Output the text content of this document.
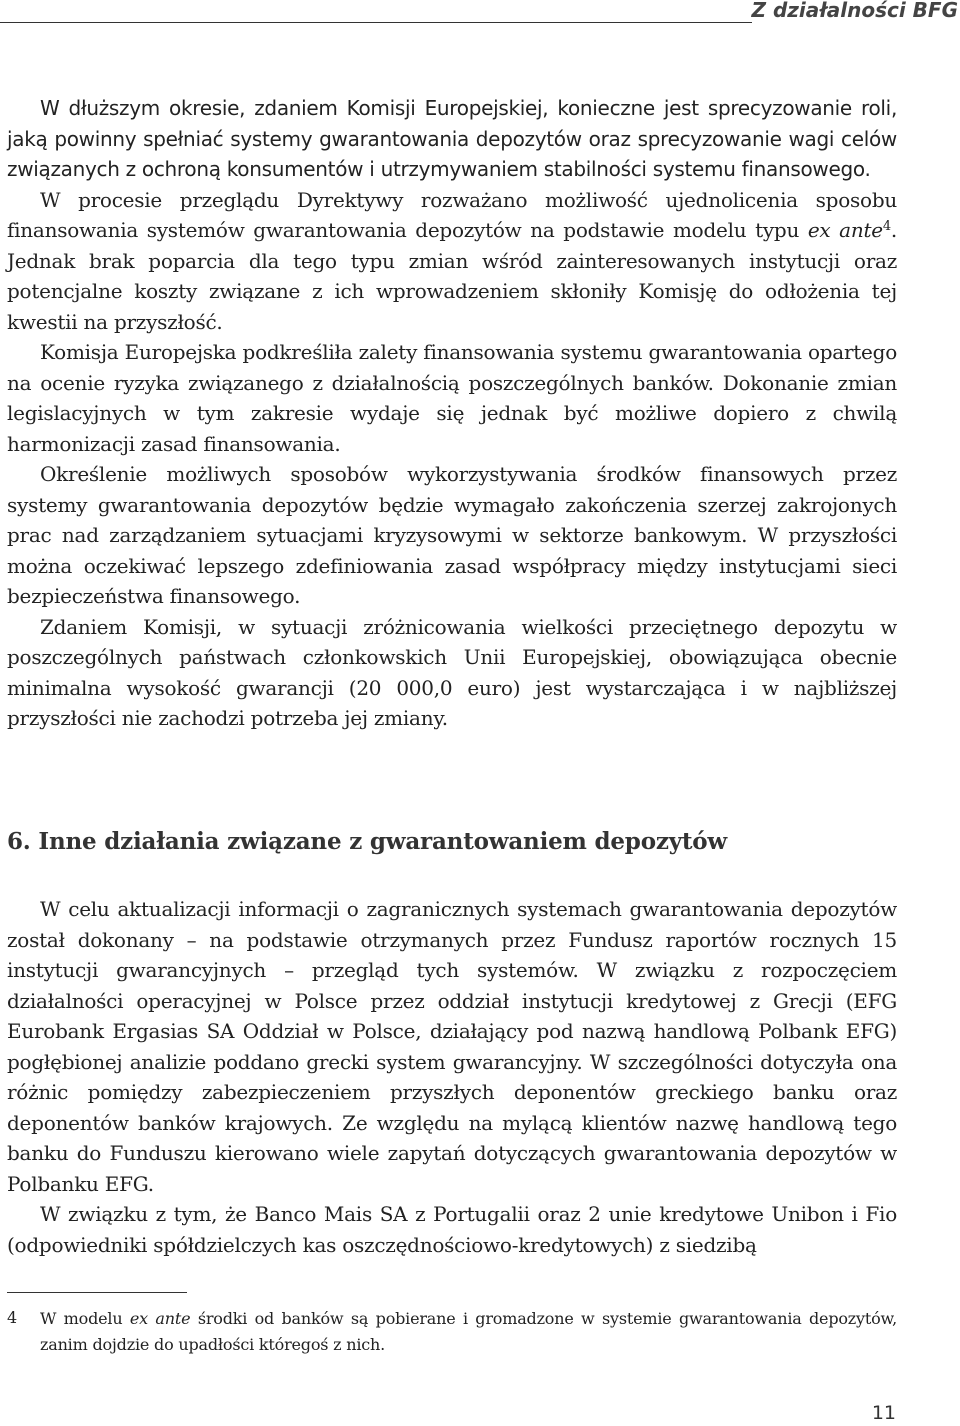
Z działalności BFG

W dłuższym okresie, zdaniem Komisji Europejskiej, konieczne jest sprecyzowanie roli, jaką powinny spełniać systemy gwarantowania depozytów oraz sprecyzowanie wagi celów związanych z ochroną konsumentów i utrzymywaniem stabilności systemu finansowego.

W procesie przeglądu Dyrektywy rozważano możliwość ujednolicenia sposobu finansowania systemów gwarantowania depozytów na podstawie modelu typu ex ante$^4$. Jednak brak poparcia dla tego typu zmian wśród zainteresowanych instytucji oraz potencjalne koszty związane z ich wprowadzeniem skłoniły Komisję do odłożenia tej kwestii na przyszłość.

Komisja Europejska podkreśliła zalety finansowania systemu gwarantowania opartego na ocenie ryzyka związanego z działalnością poszczególnych banków. Dokonanie zmian legislacyjnych w tym zakresie wydaje się jednak być możliwe dopiero z chwilą harmonizacji zasad finansowania.

Określenie możliwych sposobów wykorzystywania środków finansowych przez systemy gwarantowania depozytów będzie wymagało zakończenia szerzej zakrojonych prac nad zarządzaniem sytuacjami kryzysowymi w sektorze bankowym. W przyszłości można oczekiwać lepszego zdefiniowania zasad współpracy między instytucjami sieci bezpieczeństwa finansowego.

Zdaniem Komisji, w sytuacji zróżnicowania wielkości przeciętnego depozytu w poszczególnych państwach członkowskich Unii Europejskiej, obowiązująca obecnie minimalna wysokość gwarancji (20 000,0 euro) jest wystarczająca i w najbliższej przyszłości nie zachodzi potrzeba jej zmiany.

6. Inne działania związane z gwarantowaniem depozytów

W celu aktualizacji informacji o zagranicznych systemach gwarantowania depozytów został dokonany – na podstawie otrzymanych przez Fundusz raportów rocznych 15 instytucji gwarancyjnych – przegląd tych systemów. W związku z rozpoczęciem działalności operacyjnej w Polsce przez oddział instytucji kredytowej z Grecji (EFG Eurobank Ergasias SA Oddział w Polsce, działający pod nazwą handlową Polbank EFG) pogłębionej analizie poddano grecki system gwarancyjny. W szczególności dotyczyła ona różnic pomiędzy zabezpieczeniem przyszłych deponentów greckiego banku oraz deponentów banków krajowych. Ze względu na mylącą klientów nazwę handlową tego banku do Funduszu kierowano wiele zapytań dotyczących gwarantowania depozytów w Polbanku EFG.

W związku z tym, że Banco Mais SA z Portugalii oraz 2 unie kredytowe Unibon i Fio (odpowiedniki spółdzielczych kas oszczędnościowo-kredytowych) z siedzibą

4 W modelu ex ante środki od banków są pobierane i gromadzone w systemie gwarantowania depozytów, zanim dojdzie do upadłości któregoś z nich.
11
